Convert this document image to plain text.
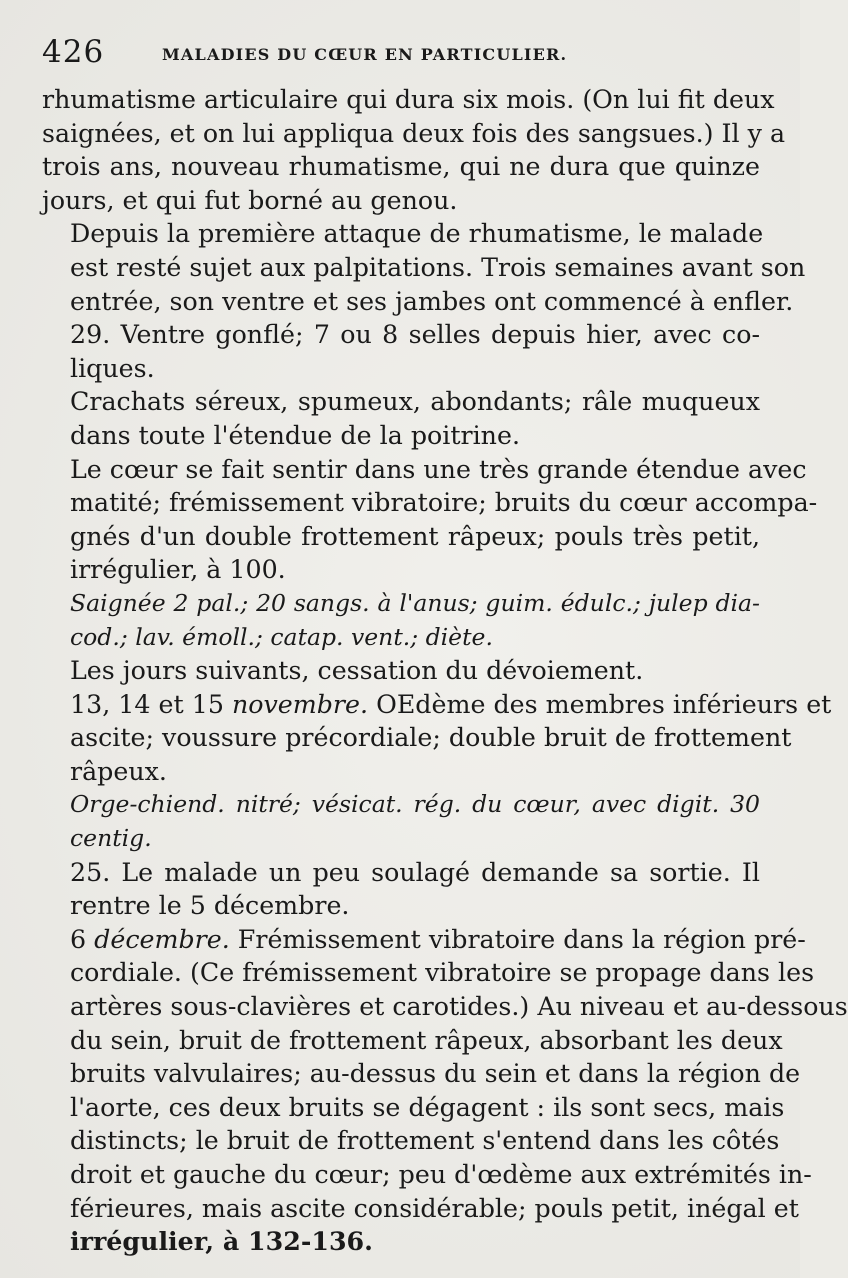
426	MALADIES DU CŒUR EN PARTICULIER.

rhumatisme articulaire qui dura six mois. (On lui fit deux
saignées, et on lui appliqua deux fois des sangsues.) Il y a
trois ans, nouveau rhumatisme, qui ne dura que quinze
jours, et qui fut borné au genou.

Depuis la première attaque de rhumatisme, le malade
est resté sujet aux palpitations. Trois semaines avant son
entrée, son ventre et ses jambes ont commencé à enfler.

29. Ventre gonflé; 7 ou 8 selles depuis hier, avec co-
liques.

Crachats séreux, spumeux, abondants; râle muqueux
dans toute l'étendue de la poitrine.

Le cœur se fait sentir dans une très grande étendue avec
matité; frémissement vibratoire; bruits du cœur accompa-
gnés d'un double frottement râpeux; pouls très petit,
irrégulier, à 100.

Saignée 2 pal.; 20 sangs. à l'anus; guim. édulc.; julep dia-
cod.; lav. émoll.; catap. vent.; diète.

Les jours suivants, cessation du dévoiement.

13, 14 et 15 novembre. OEdème des membres inférieurs et
ascite; voussure précordiale; double bruit de frottement
râpeux.

Orge-chiend. nitré; vésicat. rég. du cœur, avec digit. 30
centig.

25. Le malade un peu soulagé demande sa sortie. Il
rentre le 5 décembre.

6 décembre. Frémissement vibratoire dans la région pré-
cordiale. (Ce frémissement vibratoire se propage dans les
artères sous-clavières et carotides.) Au niveau et au-dessous
du sein, bruit de frottement râpeux, absorbant les deux
bruits valvulaires; au-dessus du sein et dans la région de
l'aorte, ces deux bruits se dégagent : ils sont secs, mais
distincts; le bruit de frottement s'entend dans les côtés
droit et gauche du cœur; peu d'œdème aux extrémités in-
férieures, mais ascite considérable; pouls petit, inégal et
irrégulier, à 132-136.
